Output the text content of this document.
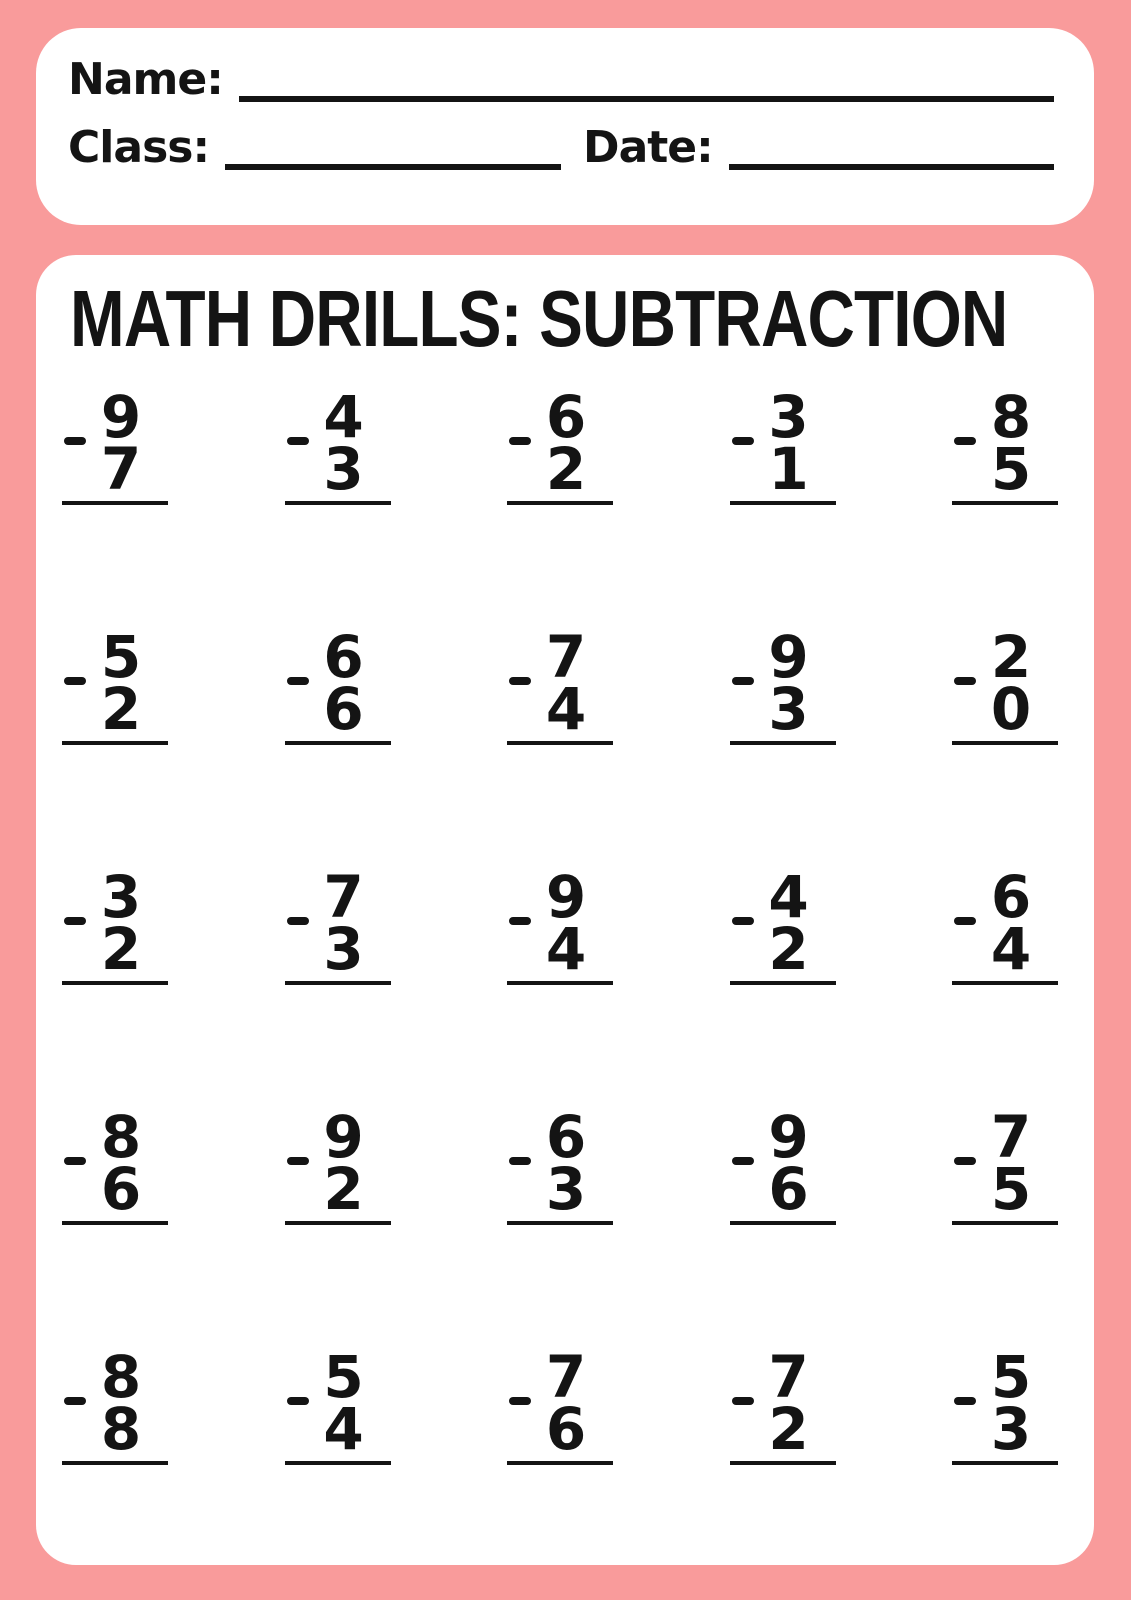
Name:
Class:	Date:
MATH DRILLS: SUBTRACTION
9
7
4
3
6
2
3
1
8
5
5
2
6
6
7
4
9
3
2
0
3
2
7
3
9
4
4
2
6
4
8
6
9
2
6
3
9
6
7
5
8
8
5
4
7
6
7
2
5
3
